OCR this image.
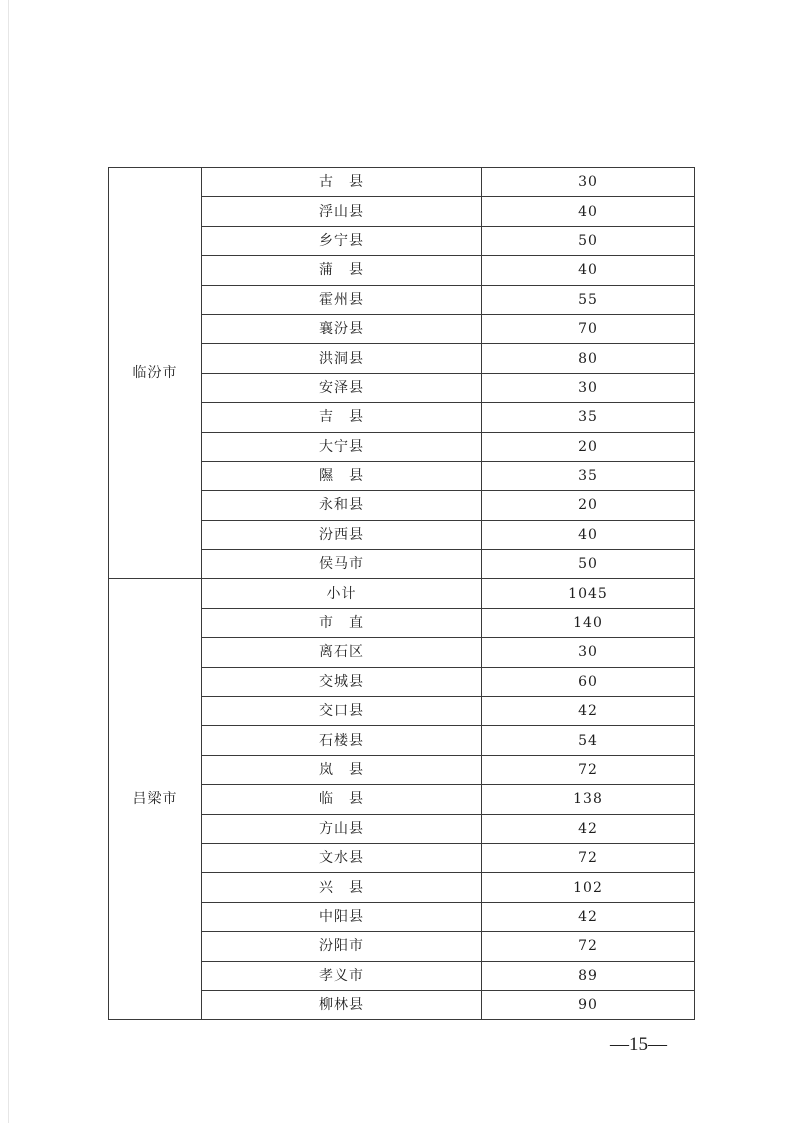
临汾市	古　县	30
	浮山县	40
	乡宁县	50
	蒲　县	40
	霍州县	55
	襄汾县	70
	洪洞县	80
	安泽县	30
	吉　县	35
	大宁县	20
	隰　县	35
	永和县	20
	汾西县	40
	侯马市	50
吕梁市	小计	1045
	市　直	140
	离石区	30
	交城县	60
	交口县	42
	石楼县	54
	岚　县	72
	临　县	138
	方山县	42
	文水县	72
	兴　县	102
	中阳县	42
	汾阳市	72
	孝义市	89
	柳林县	90
—15—
